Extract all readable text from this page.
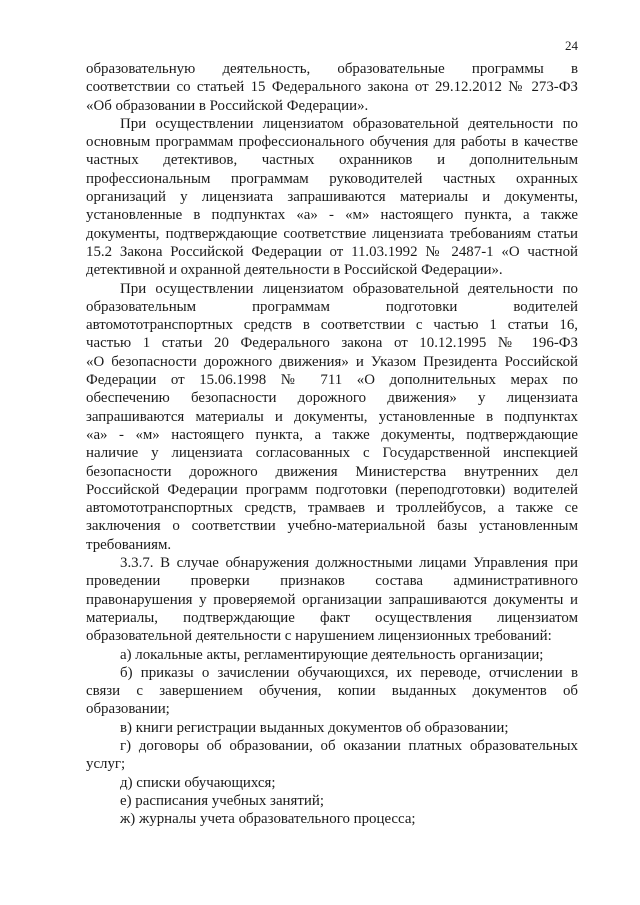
24
образовательную деятельность, образовательные программы в
соответствии со статьей 15 Федерального закона от 29.12.2012 № 273-ФЗ
«Об образовании в Российской Федерации».
При осуществлении лицензиатом образовательной деятельности по
основным программам профессионального обучения для работы в качестве
частных детективов, частных охранников и дополнительным
профессиональным программам руководителей частных охранных
организаций у лицензиата запрашиваются материалы и документы,
установленные в подпунктах «а» - «м» настоящего пункта, а также
документы, подтверждающие соответствие лицензиата требованиям статьи
15.2 Закона Российской Федерации от 11.03.1992 № 2487-1 «О частной
детективной и охранной деятельности в Российской Федерации».
При осуществлении лицензиатом образовательной деятельности по
образовательным программам подготовки водителей
автомототранспортных средств в соответствии с частью 1 статьи 16,
частью 1 статьи 20 Федерального закона от 10.12.1995 № 196-ФЗ
«О безопасности дорожного движения» и Указом Президента Российской
Федерации от 15.06.1998 № 711 «О дополнительных мерах по
обеспечению безопасности дорожного движения» у лицензиата
запрашиваются материалы и документы, установленные в подпунктах
«а» - «м» настоящего пункта, а также документы, подтверждающие
наличие у лицензиата согласованных с Государственной инспекцией
безопасности дорожного движения Министерства внутренних дел
Российской Федерации программ подготовки (переподготовки) водителей
автомототранспортных средств, трамваев и троллейбусов, а также се
заключения о соответствии учебно-материальной базы установленным
требованиям.
3.3.7. В случае обнаружения должностными лицами Управления при
проведении проверки признаков состава административного
правонарушения у проверяемой организации запрашиваются документы и
материалы, подтверждающие факт осуществления лицензиатом
образовательной деятельности с нарушением лицензионных требований:
а) локальные акты, регламентирующие деятельность организации;
б) приказы о зачислении обучающихся, их переводе, отчислении в
связи с завершением обучения, копии выданных документов об
образовании;
в) книги регистрации выданных документов об образовании;
г) договоры об образовании, об оказании платных образовательных
услуг;
д) списки обучающихся;
е) расписания учебных занятий;
ж) журналы учета образовательного процесса;
